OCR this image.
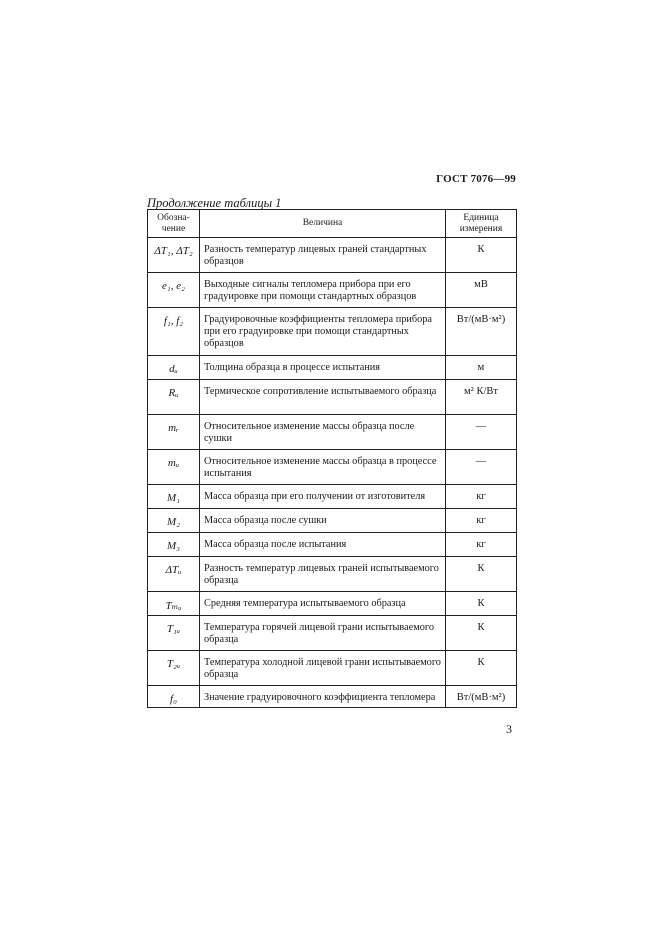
ГОСТ 7076—99
Продолжение таблицы 1
Обозна-
чение	Величина	Единица
измерения
ΔT₁, ΔT₂	Разность температур лицевых граней стандартных образцов	К
e₁, e₂	Выходные сигналы тепломера прибора при его градуировке при помощи стандартных образцов	мВ
f₁, f₂	Градуировочные коэффициенты тепломера прибора при его градуировке при помощи стандартных образцов	Вт/(мВ·м²)
dᵤ	Толщина образца в процессе испытания	м
Rᵤ	Термическое сопротивление испытываемого образца	м² К/Вт
mᵣ	Относительное изменение массы образца после сушки	—
mᵤ	Относительное изменение массы образца в процессе испытания	—
M₁	Масса образца при его получении от изготовителя	кг
M₂	Масса образца после сушки	кг
M₃	Масса образца после испытания	кг
ΔTᵤ	Разность температур лицевых граней испытываемого образца	К
Tₘᵤ	Средняя температура испытываемого образца	К
T₁ᵤ	Температура горячей лицевой грани испытываемого образца	К
T₂ᵤ	Температура холодной лицевой грани испытываемого образца	К
f₀	Значение градуировочного коэффициента тепломера	Вт/(мВ·м²)
3
